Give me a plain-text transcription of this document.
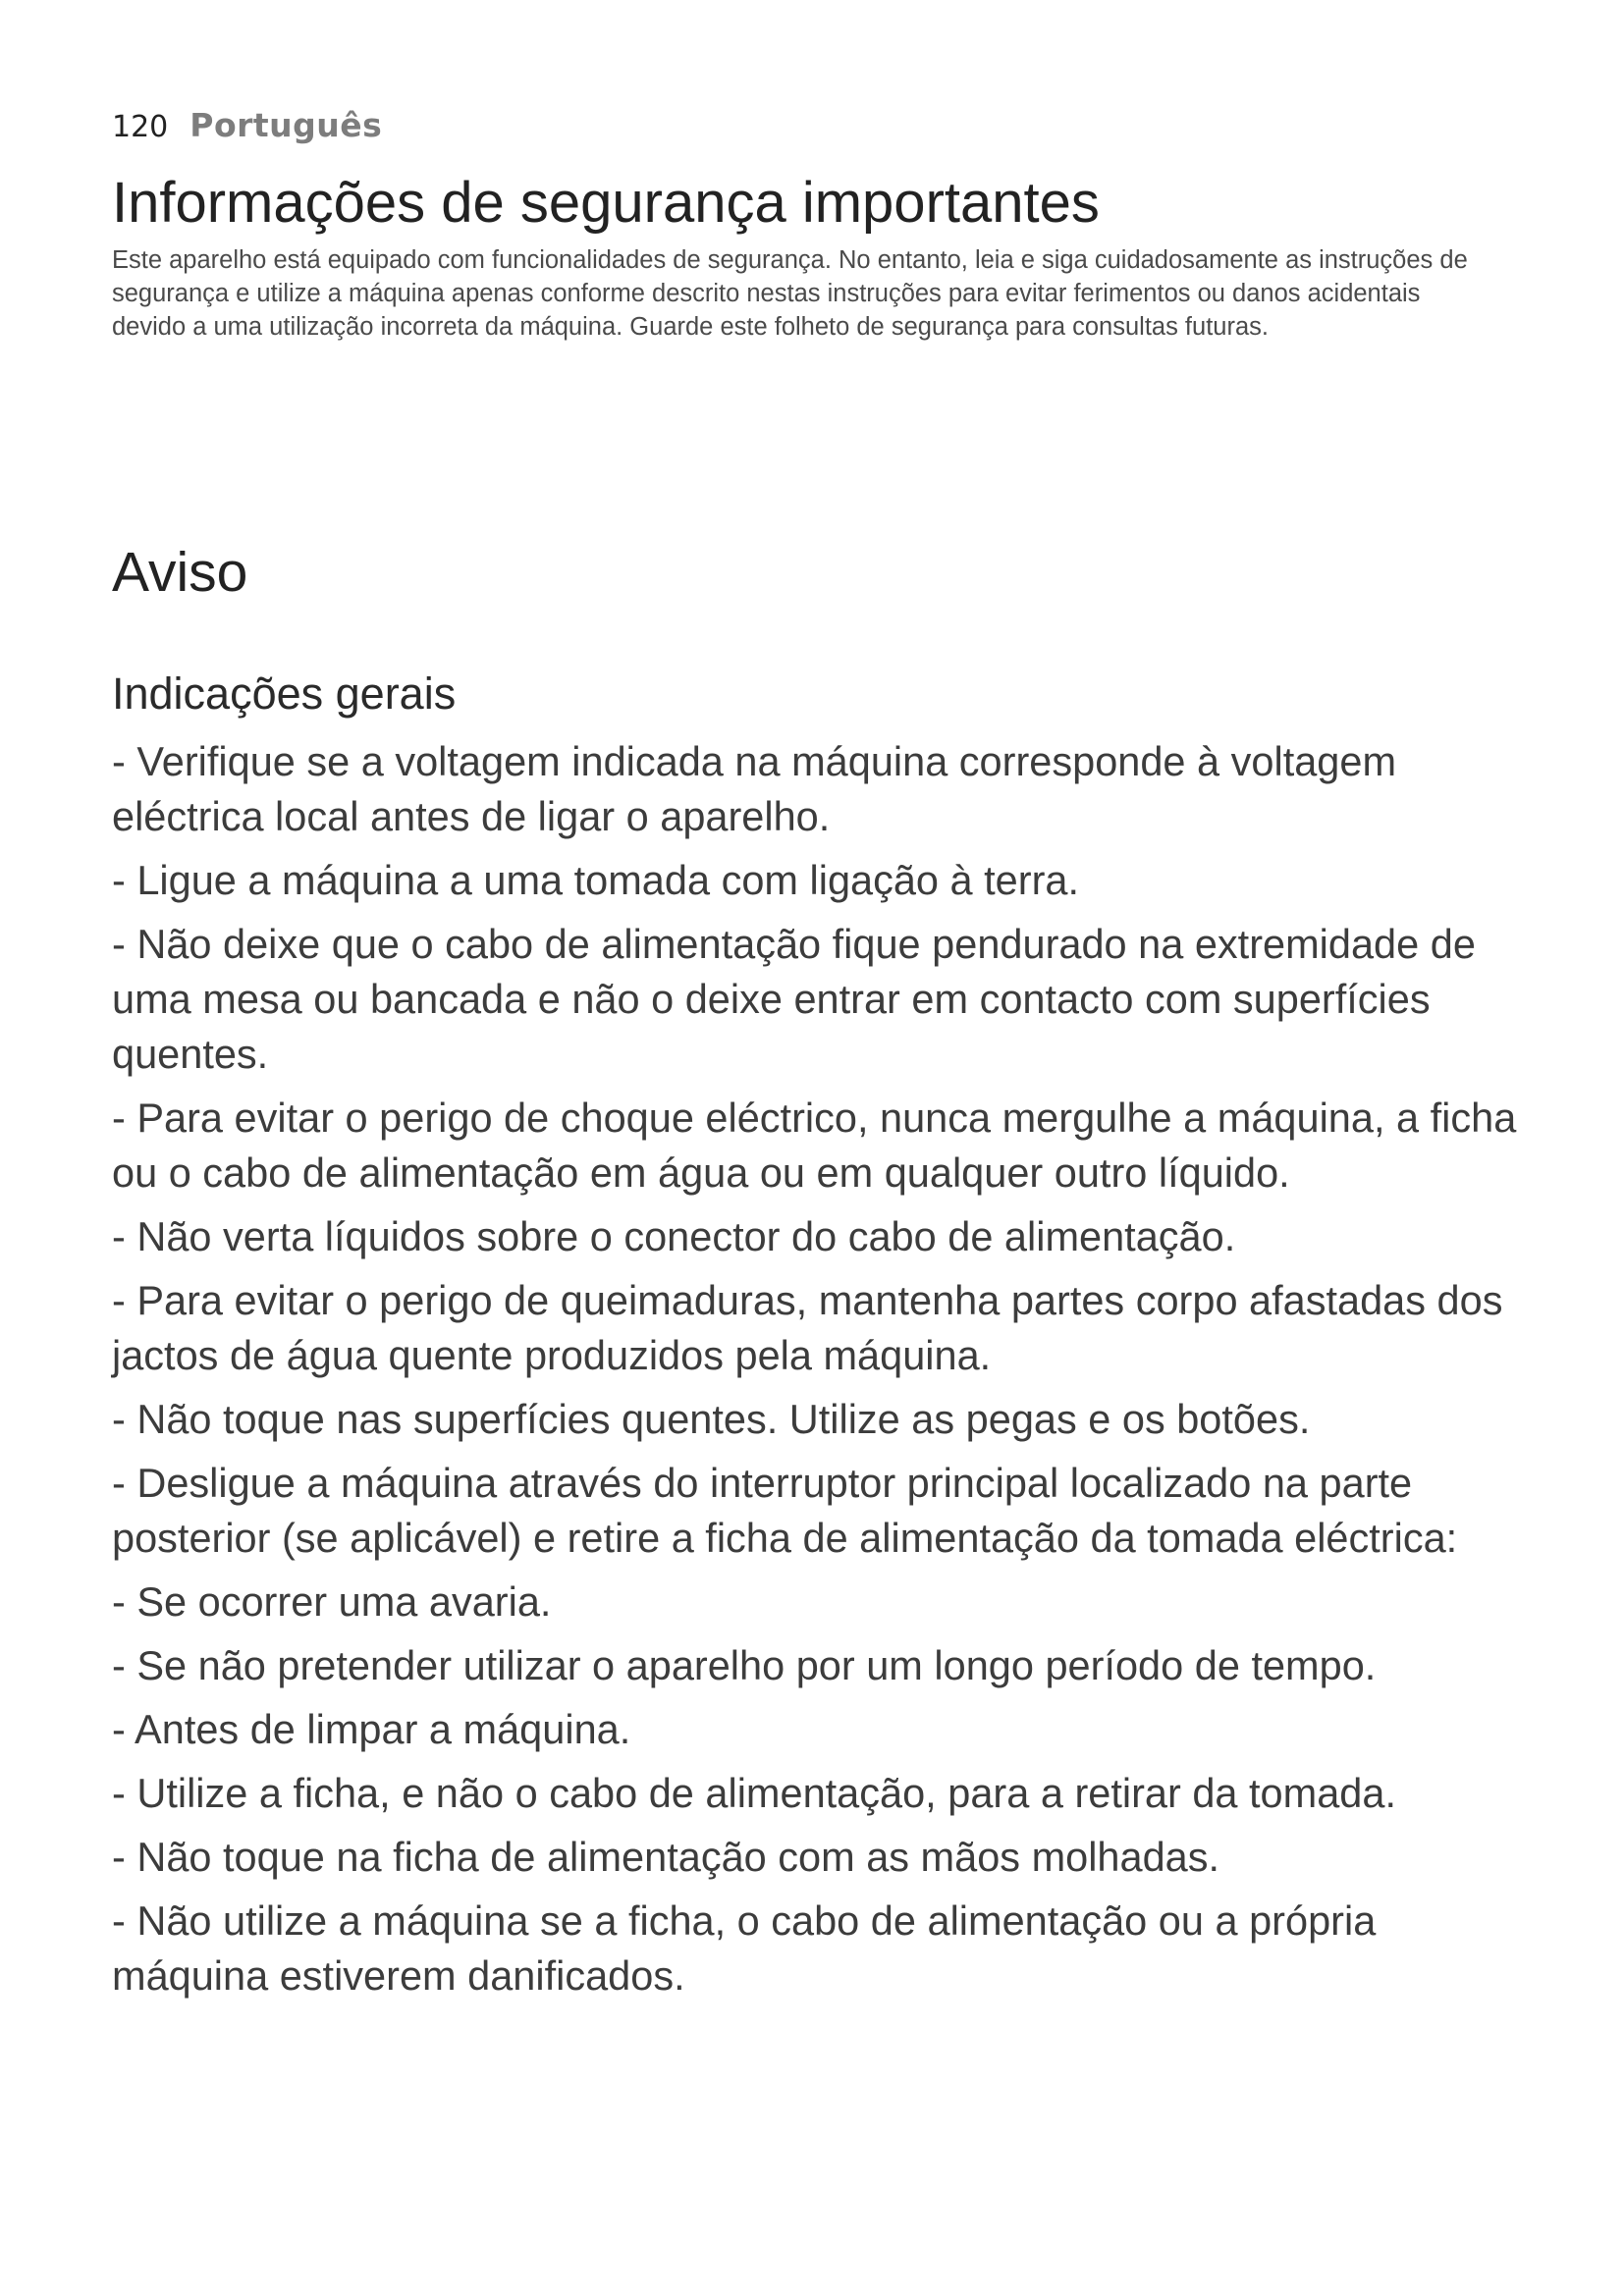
120 Português
Informações de segurança importantes

Este aparelho está equipado com funcionalidades de segurança. No entanto, leia e siga cuidadosamente as instruções de segurança e utilize a máquina apenas conforme descrito nestas instruções para evitar ferimentos ou danos acidentais devido a uma utilização incorreta da máquina. Guarde este folheto de segurança para consultas futuras.

Aviso
Indicações gerais
- Verifique se a voltagem indicada na máquina corresponde à voltagem eléctrica local antes de ligar o aparelho.
- Ligue a máquina a uma tomada com ligação à terra.
- Não deixe que o cabo de alimentação fique pendurado na extremidade de uma mesa ou bancada e não o deixe entrar em contacto com superfícies quentes.
- Para evitar o perigo de choque eléctrico, nunca mergulhe a máquina, a ficha ou o cabo de alimentação em água ou em qualquer outro líquido.
- Não verta líquidos sobre o conector do cabo de alimentação.
- Para evitar o perigo de queimaduras, mantenha partes corpo afastadas dos jactos de água quente produzidos pela máquina.
- Não toque nas superfícies quentes. Utilize as pegas e os botões.
- Desligue a máquina através do interruptor principal localizado na parte posterior (se aplicável) e retire a ficha de alimentação da tomada eléctrica:
- Se ocorrer uma avaria.
- Se não pretender utilizar o aparelho por um longo período de tempo.
- Antes de limpar a máquina.
- Utilize a ficha, e não o cabo de alimentação, para a retirar da tomada.
- Não toque na ficha de alimentação com as mãos molhadas.
- Não utilize a máquina se a ficha, o cabo de alimentação ou a própria máquina estiverem danificados.
